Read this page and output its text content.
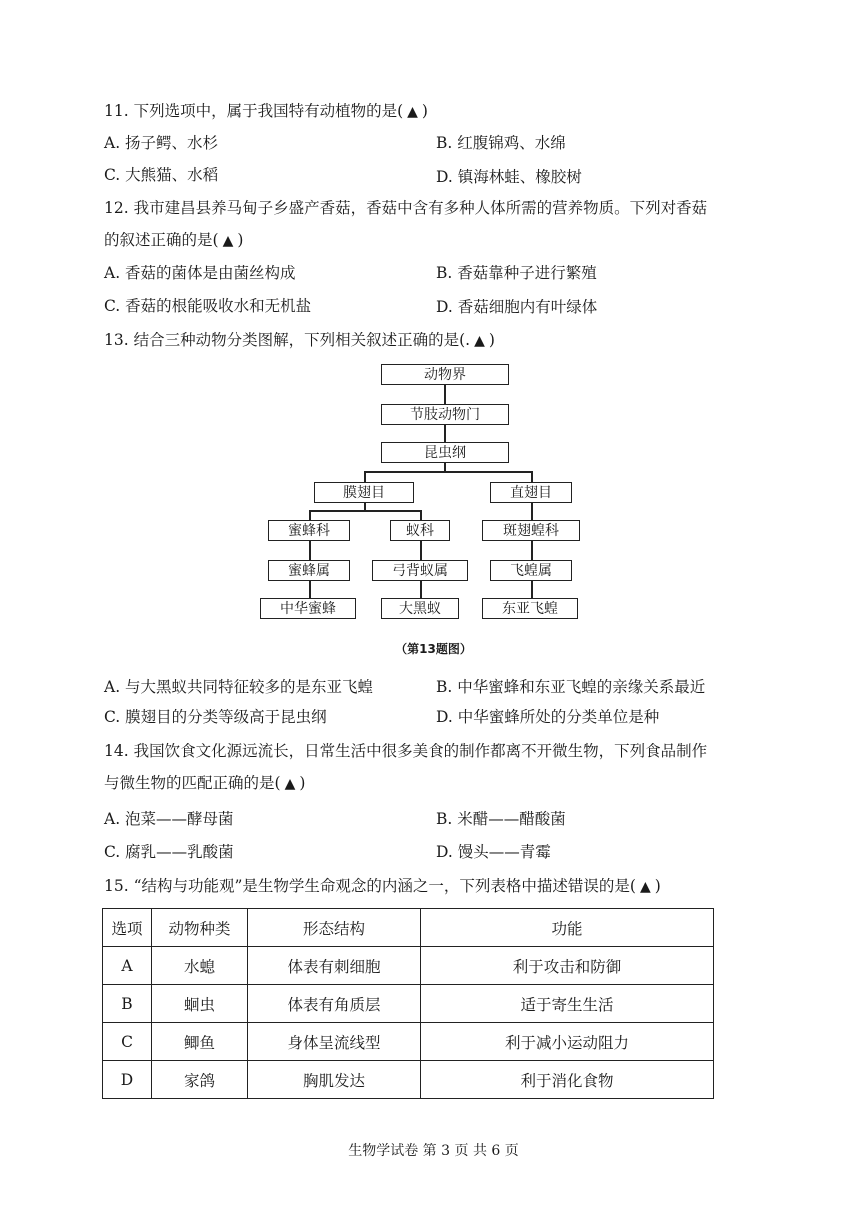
11. 下列选项中，属于我国特有动植物的是( ▲ )
A. 扬子鳄、水杉	B. 红腹锦鸡、水绵
C. 大熊猫、水稻	D. 镇海林蛙、橡胶树
12. 我市建昌县养马甸子乡盛产香菇，香菇中含有多种人体所需的营养物质。下列对香菇
的叙述正确的是( ▲ )
A. 香菇的菌体是由菌丝构成	B. 香菇靠种子进行繁殖
C. 香菇的根能吸收水和无机盐	D. 香菇细胞内有叶绿体
13. 结合三种动物分类图解，下列相关叙述正确的是(. ▲ )
动物界
节肢动物门
昆虫纲
膜翅目	直翅目
蜜蜂科	蚁科	斑翅蝗科
蜜蜂属	弓背蚁属	飞蝗属
中华蜜蜂	大黑蚁	东亚飞蝗
（第13题图）
A. 与大黑蚁共同特征较多的是东亚飞蝗	B. 中华蜜蜂和东亚飞蝗的亲缘关系最近
C. 膜翅目的分类等级高于昆虫纲	D. 中华蜜蜂所处的分类单位是种
14. 我国饮食文化源远流长，日常生活中很多美食的制作都离不开微生物，下列食品制作
与微生物的匹配正确的是( ▲ )
A. 泡菜——酵母菌	B. 米醋——醋酸菌
C. 腐乳——乳酸菌	D. 馒头——青霉
15. “结构与功能观”是生物学生命观念的内涵之一，下列表格中描述错误的是( ▲ )
选项	动物种类	形态结构	功能
A	水螅	体表有刺细胞	利于攻击和防御
B	蛔虫	体表有角质层	适于寄生生活
C	鲫鱼	身体呈流线型	利于减小运动阻力
D	家鸽	胸肌发达	利于消化食物
生物学试卷 第 3 页 共 6 页
